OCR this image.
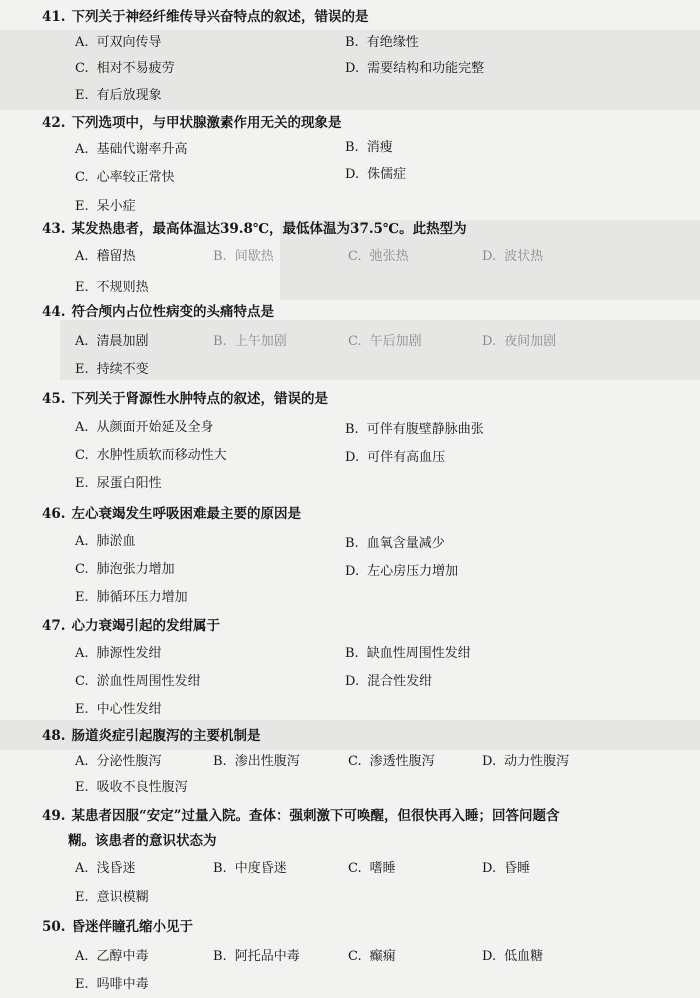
41. 下列关于神经纤维传导兴奋特点的叙述，错误的是
A. 可双向传导	B. 有绝缘性
C. 相对不易疲劳	D. 需要结构和功能完整
E. 有后放现象
42. 下列选项中，与甲状腺激素作用无关的现象是
A. 基础代谢率升高	B. 消瘦
C. 心率较正常快	D. 侏儒症
E. 呆小症
43. 某发热患者，最高体温达39.8℃，最低体温为37.5℃。此热型为
A. 稽留热	B. 间歇热	C. 弛张热	D. 波状热
E. 不规则热
44. 符合颅内占位性病变的头痛特点是
A. 清晨加剧	B. 上午加剧	C. 午后加剧	D. 夜间加剧
E. 持续不变
45. 下列关于肾源性水肿特点的叙述，错误的是
A. 从颜面开始延及全身	B. 可伴有腹壁静脉曲张
C. 水肿性质软而移动性大	D. 可伴有高血压
E. 尿蛋白阳性
46. 左心衰竭发生呼吸困难最主要的原因是
A. 肺淤血	B. 血氧含量减少
C. 肺泡张力增加	D. 左心房压力增加
E. 肺循环压力增加
47. 心力衰竭引起的发绀属于
A. 肺源性发绀	B. 缺血性周围性发绀
C. 淤血性周围性发绀	D. 混合性发绀
E. 中心性发绀
48. 肠道炎症引起腹泻的主要机制是
A. 分泌性腹泻	B. 渗出性腹泻	C. 渗透性腹泻	D. 动力性腹泻
E. 吸收不良性腹泻
49. 某患者因服“安定”过量入院。查体：强刺激下可唤醒，但很快再入睡；回答问题含
糊。该患者的意识状态为
A. 浅昏迷	B. 中度昏迷	C. 嗜睡	D. 昏睡
E. 意识模糊
50. 昏迷伴瞳孔缩小见于
A. 乙醇中毒	B. 阿托品中毒	C. 癫痫	D. 低血糖
E. 吗啡中毒
